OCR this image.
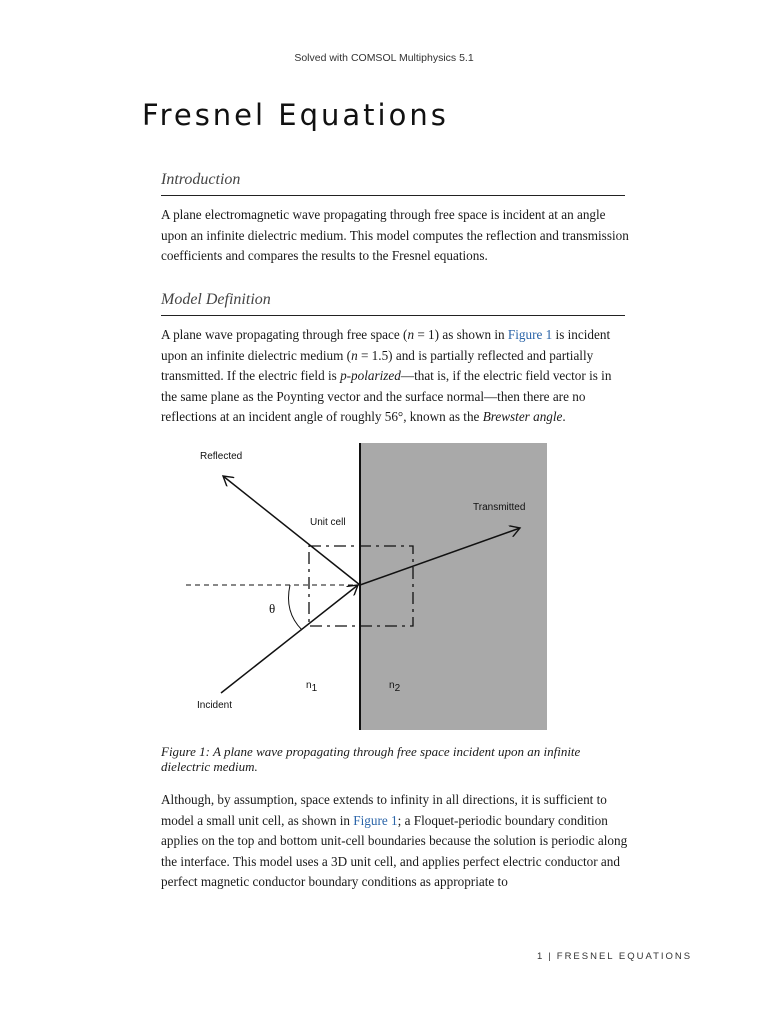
Solved with COMSOL Multiphysics 5.1
Fresnel Equations
Introduction

A plane electromagnetic wave propagating through free space is incident at an angle upon an infinite dielectric medium. This model computes the reflection and transmission coefficients and compares the results to the Fresnel equations.

Model Definition

A plane wave propagating through free space (n = 1) as shown in Figure 1 is incident upon an infinite dielectric medium (n = 1.5) and is partially reflected and partially transmitted. If the electric field is p-polarized—that is, if the electric field vector is in the same plane as the Poynting vector and the surface normal—then there are no reflections at an incident angle of roughly 56°, known as the Brewster angle.

Reflected
Transmitted
Unit cell
θ
n1	n2
Incident

Figure 1: A plane wave propagating through free space incident upon an infinite dielectric medium.

Although, by assumption, space extends to infinity in all directions, it is sufficient to model a small unit cell, as shown in Figure 1; a Floquet-periodic boundary condition applies on the top and bottom unit-cell boundaries because the solution is periodic along the interface. This model uses a 3D unit cell, and applies perfect electric conductor and perfect magnetic conductor boundary conditions as appropriate to

1 | FRESNEL EQUATIONS
